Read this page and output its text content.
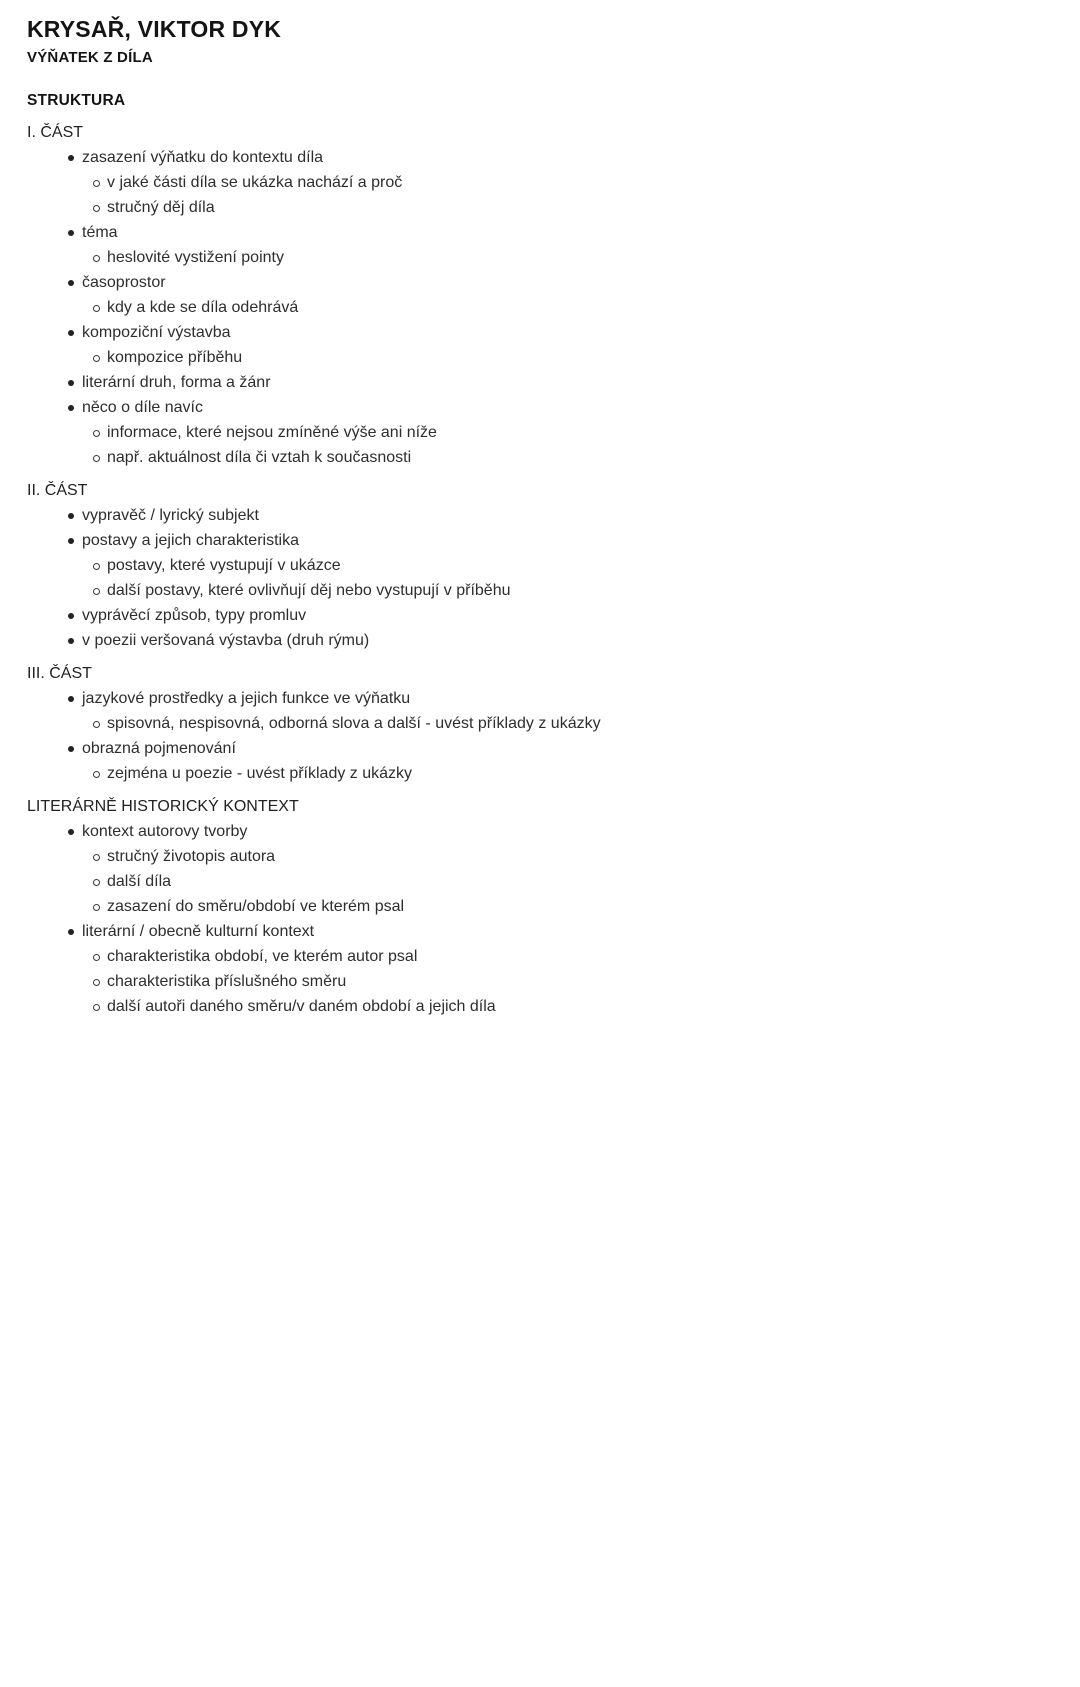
KRYSAŘ, VIKTOR DYK
VÝŇATEK Z DÍLA
STRUKTURA
I. ČÁST
zasazení výňatku do kontextu díla
v jaké části díla se ukázka nachází a proč
stručný děj díla
téma
heslovité vystižení pointy
časoprostor
kdy a kde se díla odehrává
kompoziční výstavba
kompozice příběhu
literární druh, forma a žánr
něco o díle navíc
informace, které nejsou zmíněné výše ani níže
např. aktuálnost díla či vztah k současnosti
II. ČÁST
vypravěč / lyrický subjekt
postavy a jejich charakteristika
postavy, které vystupují v ukázce
další postavy, které ovlivňují děj nebo vystupují v příběhu
vyprávěcí způsob, typy promluv
v poezii veršovaná výstavba (druh rýmu)
III. ČÁST
jazykové prostředky a jejich funkce ve výňatku
spisovná, nespisovná, odborná slova a další - uvést příklady z ukázky
obrazná pojmenování
zejména u poezie - uvést příklady z ukázky
LITERÁRNĚ HISTORICKÝ KONTEXT
kontext autorovy tvorby
stručný životopis autora
další díla
zasazení do směru/období ve kterém psal
literární / obecně kulturní kontext
charakteristika období, ve kterém autor psal
charakteristika příslušného směru
další autoři daného směru/v daném období a jejich díla
